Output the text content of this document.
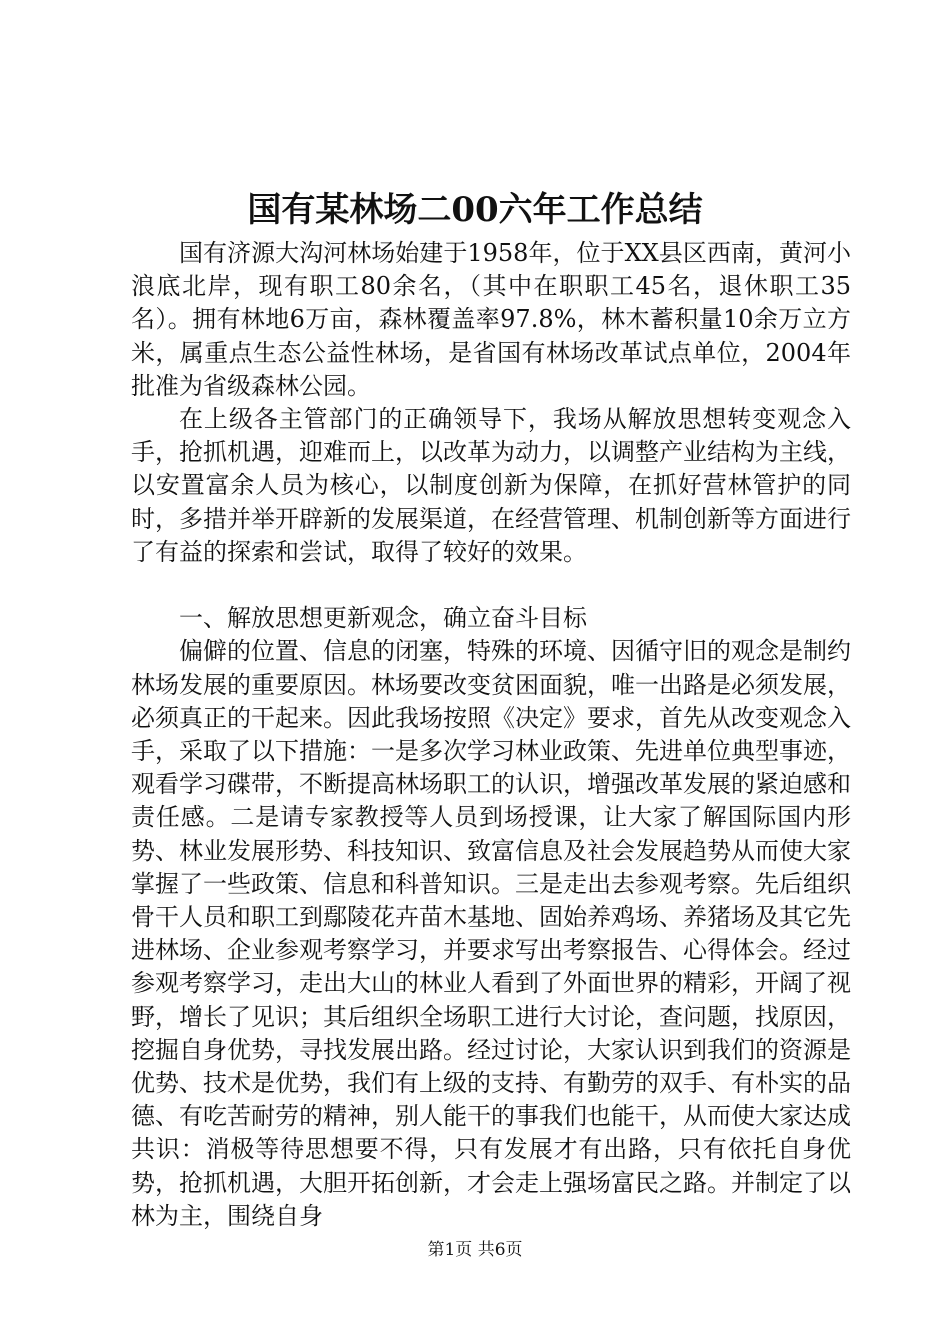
国有某林场二00六年工作总结

国有济源大沟河林场始建于1958年，位于XX县区西南，黄河小浪底北岸，现有职工80余名，（其中在职职工45名，退休职工35名）。拥有林地6万亩，森林覆盖率97.8%，林木蓄积量10余万立方米，属重点生态公益性林场，是省国有林场改革试点单位，2004年批准为省级森林公园。

在上级各主管部门的正确领导下，我场从解放思想转变观念入手，抢抓机遇，迎难而上，以改革为动力，以调整产业结构为主线，以安置富余人员为核心，以制度创新为保障，在抓好营林管护的同时，多措并举开辟新的发展渠道，在经营管理、机制创新等方面进行了有益的探索和尝试，取得了较好的效果。

一、解放思想更新观念，确立奋斗目标

偏僻的位置、信息的闭塞，特殊的环境、因循守旧的观念是制约林场发展的重要原因。林场要改变贫困面貌，唯一出路是必须发展，必须真正的干起来。因此我场按照《决定》要求，首先从改变观念入手，采取了以下措施：一是多次学习林业政策、先进单位典型事迹，观看学习碟带，不断提高林场职工的认识，增强改革发展的紧迫感和责任感。二是请专家教授等人员到场授课，让大家了解国际国内形势、林业发展形势、科技知识、致富信息及社会发展趋势从而使大家掌握了一些政策、信息和科普知识。三是走出去参观考察。先后组织骨干人员和职工到鄢陵花卉苗木基地、固始养鸡场、养猪场及其它先进林场、企业参观考察学习，并要求写出考察报告、心得体会。经过参观考察学习，走出大山的林业人看到了外面世界的精彩，开阔了视野，增长了见识；其后组织全场职工进行大讨论，查问题，找原因，挖掘自身优势，寻找发展出路。经过讨论，大家认识到我们的资源是优势、技术是优势，我们有上级的支持、有勤劳的双手、有朴实的品德、有吃苦耐劳的精神，别人能干的事我们也能干，从而使大家达成共识：消极等待思想要不得，只有发展才有出路，只有依托自身优势，抢抓机遇，大胆开拓创新，才会走上强场富民之路。并制定了以林为主，围绕自身

第1页 共6页
